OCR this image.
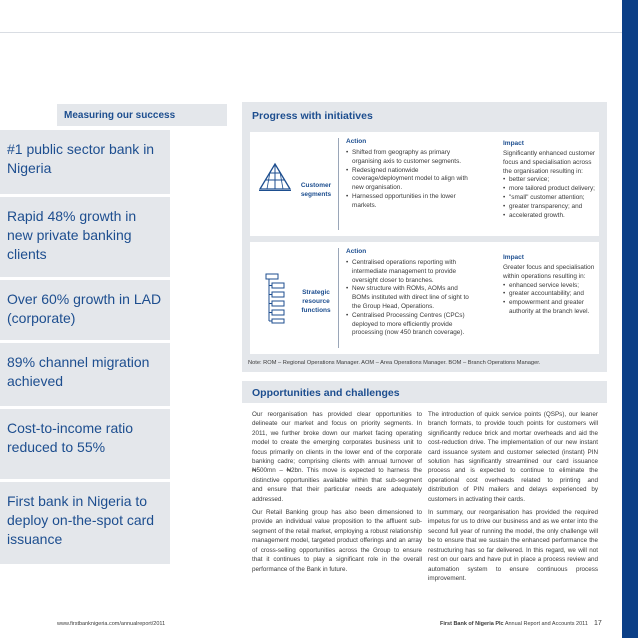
Measuring our success
#1 public sector bank in Nigeria
Rapid 48% growth in new private banking clients
Over 60% growth in LAD (corporate)
89% channel migration achieved
Cost-to-income ratio reduced to 55%
First bank in Nigeria to deploy on-the-spot card issuance
Progress with initiatives
Customer
segments
Action
• Shifted from geography as primary organising axis to customer segments.
• Redesigned nationwide coverage/deployment model to align with new organisation.
• Harnessed opportunities in the lower markets.
Impact
Significantly enhanced customer focus and specialisation across the organisation resulting in:
• better service;
• more tailored product delivery;
• "small" customer attention;
• greater transparency; and
• accelerated growth.
Strategic
resource
functions
Action
• Centralised operations reporting with intermediate management to provide oversight closer to branches.
• New structure with ROMs, AOMs and BOMs instituted with direct line of sight to the Group Head, Operations.
• Centralised Processing Centres (CPCs) deployed to more efficiently provide processing (now 450 branch coverage).
Impact
Greater focus and specialisation within operations resulting in:
• enhanced service levels;
• greater accountability; and
• empowerment and greater authority at the branch level.
Note: ROM – Regional Operations Manager. AOM – Area Operations Manager. BOM – Branch Operations Manager.
Opportunities and challenges

Our reorganisation has provided clear opportunities to delineate our market and focus on priority segments. In 2011, we further broke down our market facing operating model to create the emerging corporates business unit to focus primarily on clients in the lower end of the corporate banking cadre; comprising clients with annual turnover of ₦500mn – ₦2bn. This move is expected to harness the distinctive opportunities available within that sub-segment and ensure that their particular needs are adequately addressed.

Our Retail Banking group has also been dimensioned to provide an individual value proposition to the affluent sub-segment of the retail market, employing a robust relationship management model, targeted product offerings and an array of cross-selling opportunities across the Group to ensure that it continues to play a significant role in the overall performance of the Bank in future.

The introduction of quick service points (QSPs), our leaner branch formats, to provide touch points for customers will significantly reduce brick and mortar overheads and aid the cost-reduction drive. The implementation of our new instant card issuance system and customer selected (instant) PIN solution has significantly streamlined our card issuance process and is expected to continue to eliminate the operational cost overheads related to printing and distribution of PIN mailers and delays experienced by customers in activating their cards.

In summary, our reorganisation has provided the required impetus for us to drive our business and as we enter into the second full year of running the model, the only challenge will be to ensure that we sustain the enhanced performance the restructuring has so far delivered. In this regard, we will not rest on our oars and have put in place a process review and automation system to ensure continuous process improvement.

www.firstbanknigeria.com/annualreport/2011	First Bank of Nigeria Plc Annual Report and Accounts 2011 17
